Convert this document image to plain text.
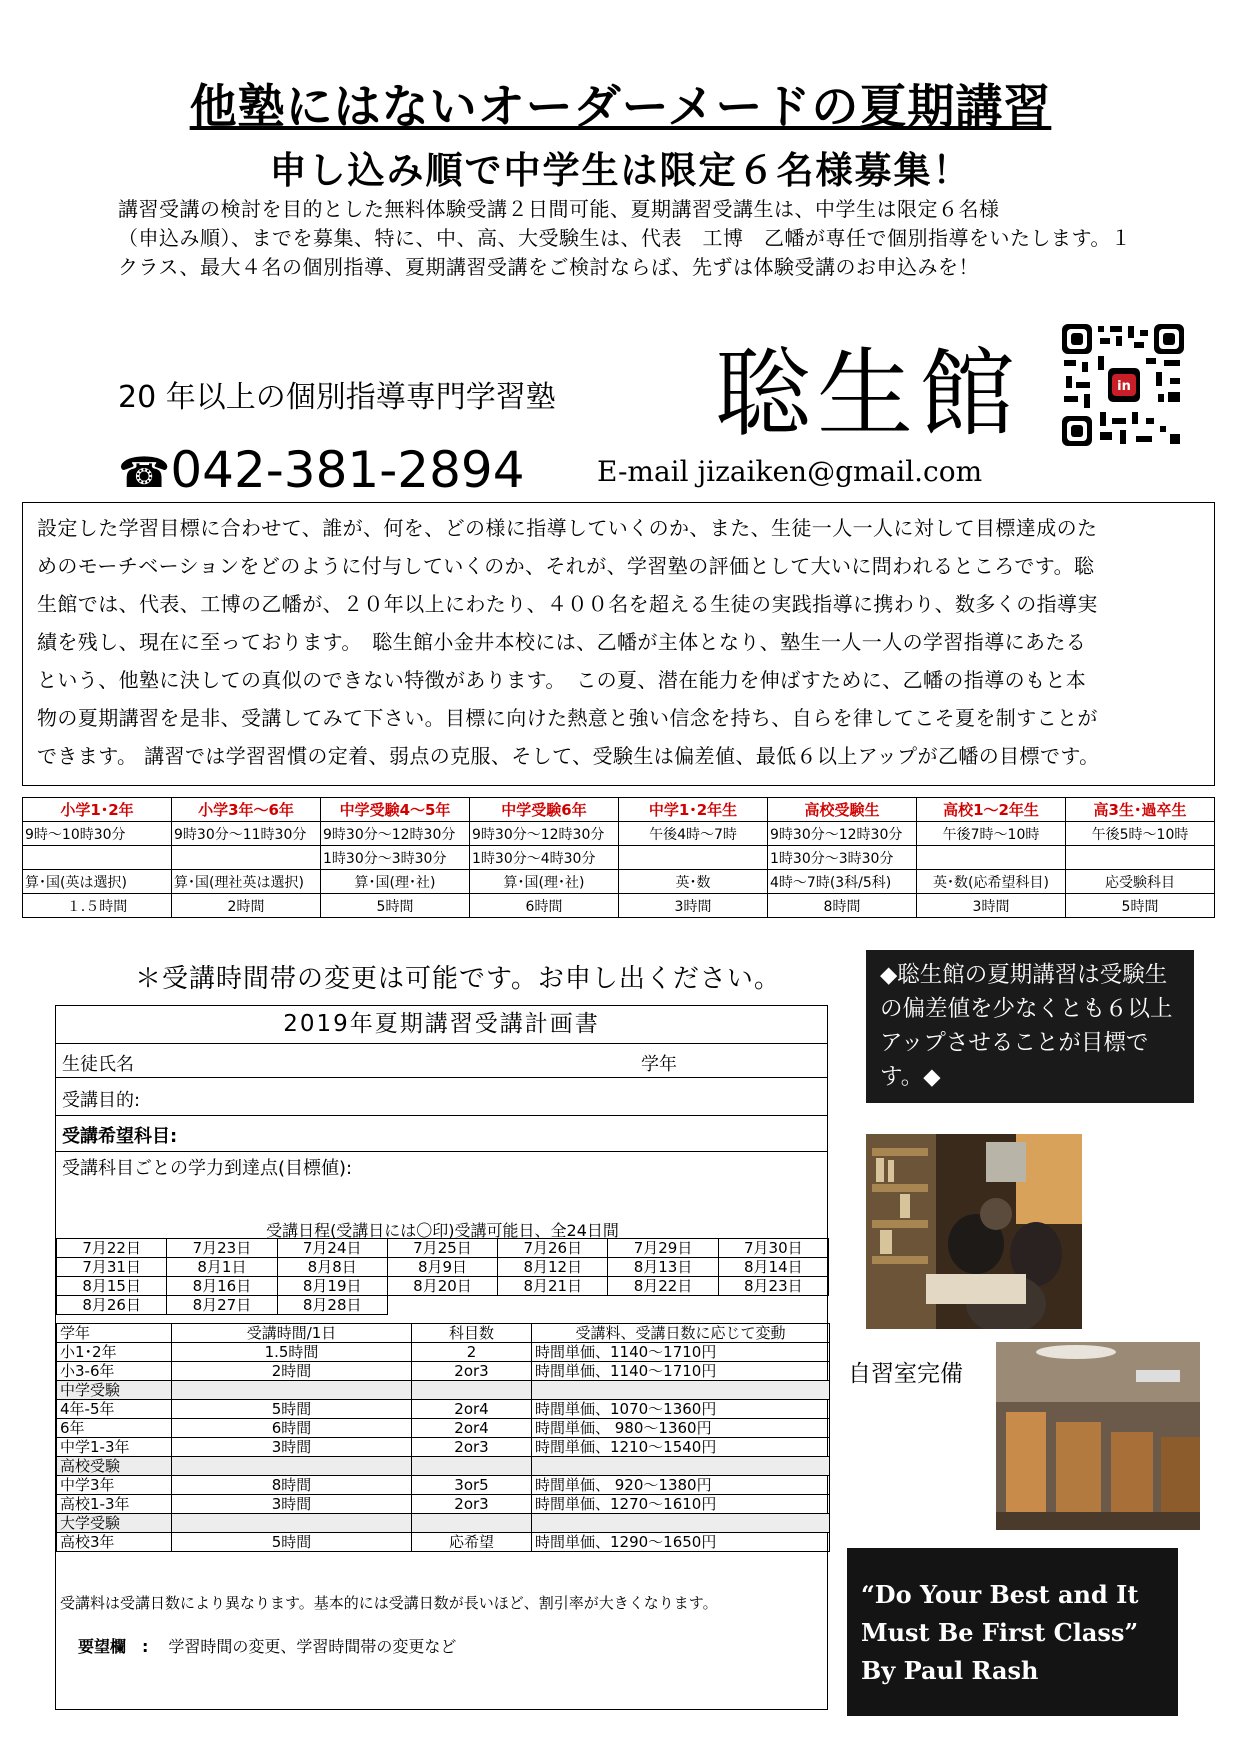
他塾にはないオーダーメードの夏期講習
申し込み順で中学生は限定６名様募集！
講習受講の検討を目的とした無料体験受講２日間可能、夏期講習受講生は、中学生は限定６名様
（申込み順）、までを募集、特に、中、高、大受験生は、代表　工博　乙幡が専任で個別指導をいたします。１
クラス、最大４名の個別指導、夏期講習受講をご検討ならば、先ずは体験受講のお申込みを！
20 年以上の個別指導専門学習塾 聡生館	in
☎042-381-2894	E-mail jizaiken@gmail.com
設定した学習目標に合わせて、誰が、何を、どの様に指導していくのか、また、生徒一人一人に対して目標達成のた
めのモーチベーションをどのように付与していくのか、それが、学習塾の評価として大いに問われるところです。聡
生館では、代表、工博の乙幡が、２０年以上にわたり、４００名を超える生徒の実践指導に携わり、数多くの指導実
績を残し、現在に至っております。　聡生館小金井本校には、乙幡が主体となり、塾生一人一人の学習指導にあたる
という、他塾に決しての真似のできない特徴があります。　この夏、潜在能力を伸ばすために、乙幡の指導のもと本
物の夏期講習を是非、受講してみて下さい。目標に向けた熱意と強い信念を持ち、自らを律してこそ夏を制すことが
できます。 講習では学習習慣の定着、弱点の克服、そして、受験生は偏差値、最低６以上アップが乙幡の目標です。
小学1･2年	小学3年～6年	中学受験4～5年	中学受験6年	中学1･2年生	高校受験生	高校1～2年生	高3生･過卒生
9時～10時30分	9時30分～11時30分	9時30分～12時30分	9時30分～12時30分	午後4時～7時	9時30分～12時30分	午後7時～10時	午後5時～10時
		1時30分～3時30分	1時30分～4時30分		1時30分～3時30分		
算･国(英は選択)	算･国(理社英は選択)	算･国(理･社)	算･国(理･社)	英･数	4時～7時(3科/5科)	英･数(応希望科目)	応受験科目
１.５時間	2時間	5時間	6時間	3時間	8時間	3時間	5時間
＊受講時間帯の変更は可能です。お申し出ください。	◆聡生館の夏期講習は受験生の偏差値を少なくとも６以上アップさせることが目標です。◆
自習室完備
“Do Your Best and It
Must Be First Class”
By Paul Rash
2019年夏期講習受講計画書
生徒氏名	学年
受講目的:
受講希望科目:
受講科目ごとの学力到達点(目標値):
受講日程(受講日には〇印)受講可能日、全24日間
7月22日	7月23日	7月24日	7月25日	7月26日	7月29日	7月30日
7月31日	8月1日	8月8日	8月9日	8月12日	8月13日	8月14日
8月15日	8月16日	8月19日	8月20日	8月21日	8月22日	8月23日
8月26日	8月27日	8月28日				
学年	受講時間/1日	科目数	受講料、受講日数に応じて変動
小1･2年	1.5時間	2	時間単価、1140～1710円
小3-6年	2時間	2or3	時間単価、1140～1710円
中学受験			
4年-5年	5時間	2or4	時間単価、1070～1360円
6年	6時間	2or4	時間単価、 980～1360円
中学1-3年	3時間	2or3	時間単価、1210～1540円
高校受験			
中学3年	8時間	3or5	時間単価、 920～1380円
高校1-3年	3時間	2or3	時間単価、1270～1610円
大学受験			
高校3年	5時間	応希望	時間単価、1290～1650円
受講料は受講日数により異なります。基本的には受講日数が長いほど、割引率が大きくなります。
要望欄　: 学習時間の変更、学習時間帯の変更など
